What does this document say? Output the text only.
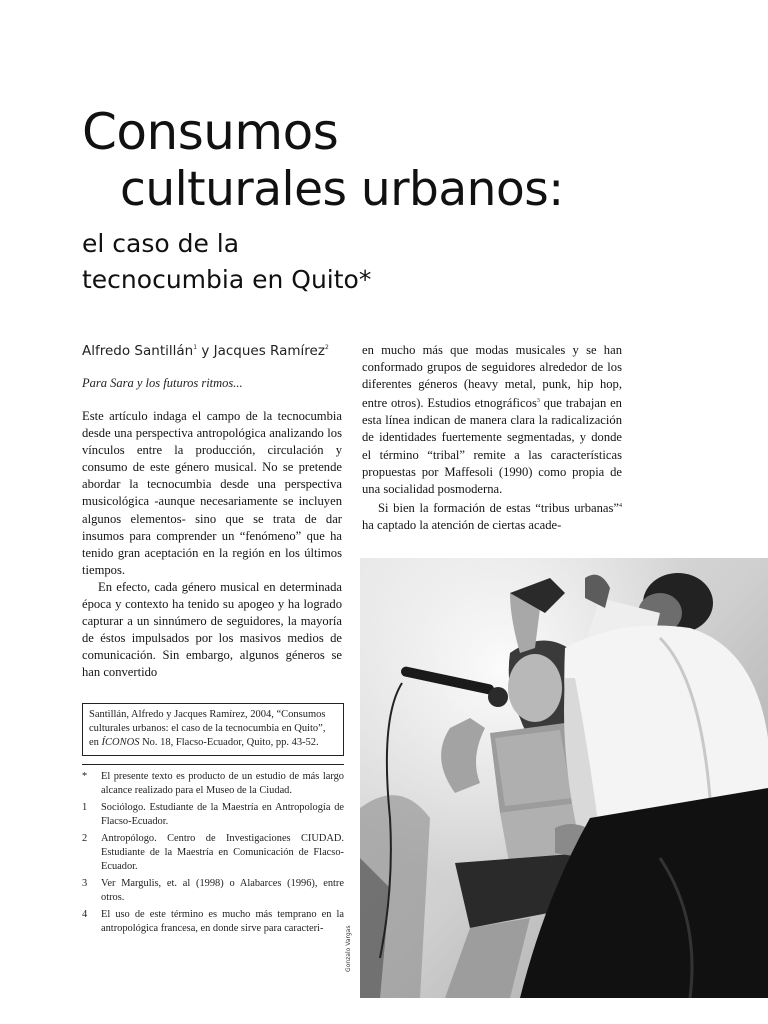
Consumos
culturales urbanos:
el caso de la
tecnocumbia en Quito*
Alfredo Santillán$^1$ y Jacques Ramírez$^2$
Para Sara y los futuros ritmos...

Este artículo indaga el campo de la tecnocumbia desde una perspectiva antropológica analizando los vínculos entre la producción, circulación y consumo de este género musical. No se pretende abordar la tecnocumbia desde una perspectiva musicológica -aunque necesariamente se incluyen algunos elementos- sino que se trata de dar insumos para comprender un “fenómeno” que ha tenido gran aceptación en la región en los últimos tiempos.

En efecto, cada género musical en determinada época y contexto ha tenido su apogeo y ha logrado capturar a un sinnúmero de seguidores, la mayoría de éstos impulsados por los masivos medios de comunicación. Sin embargo, algunos géneros se han convertido

Santillán, Alfredo y Jacques Ramírez, 2004, “Consumos culturales urbanos: el caso de la tecnocumbia en Quito”, en ÍCONOS No. 18, Flacso-Ecuador, Quito, pp. 43-52.
*	El presente texto es producto de un estudio de más largo alcance realizado para el Museo de la Ciudad.
1	Sociólogo. Estudiante de la Maestría en Antropología de Flacso-Ecuador.
2	Antropólogo. Centro de Investigaciones CIUDAD. Estudiante de la Maestría en Comunicación de Flacso-Ecuador.
3	Ver Margulis, et. al (1998) o Alabarces (1996), entre otros.
4	El uso de este término es mucho más temprano en la antropológica francesa, en donde sirve para caracteri-

en mucho más que modas musicales y se han conformado grupos de seguidores alrededor de los diferentes géneros (heavy metal, punk, hip hop, entre otros). Estudios etnográficos$^3$ que trabajan en esta línea indican de manera clara la radicalización de identidades fuertemente segmentadas, y donde el término “tribal” remite a las características propuestas por Maffesoli (1990) como propia de una socialidad posmoderna.

Si bien la formación de estas “tribus urbanas”$^4$ ha captado la atención de ciertas acade-

Gonzalo Vargas
